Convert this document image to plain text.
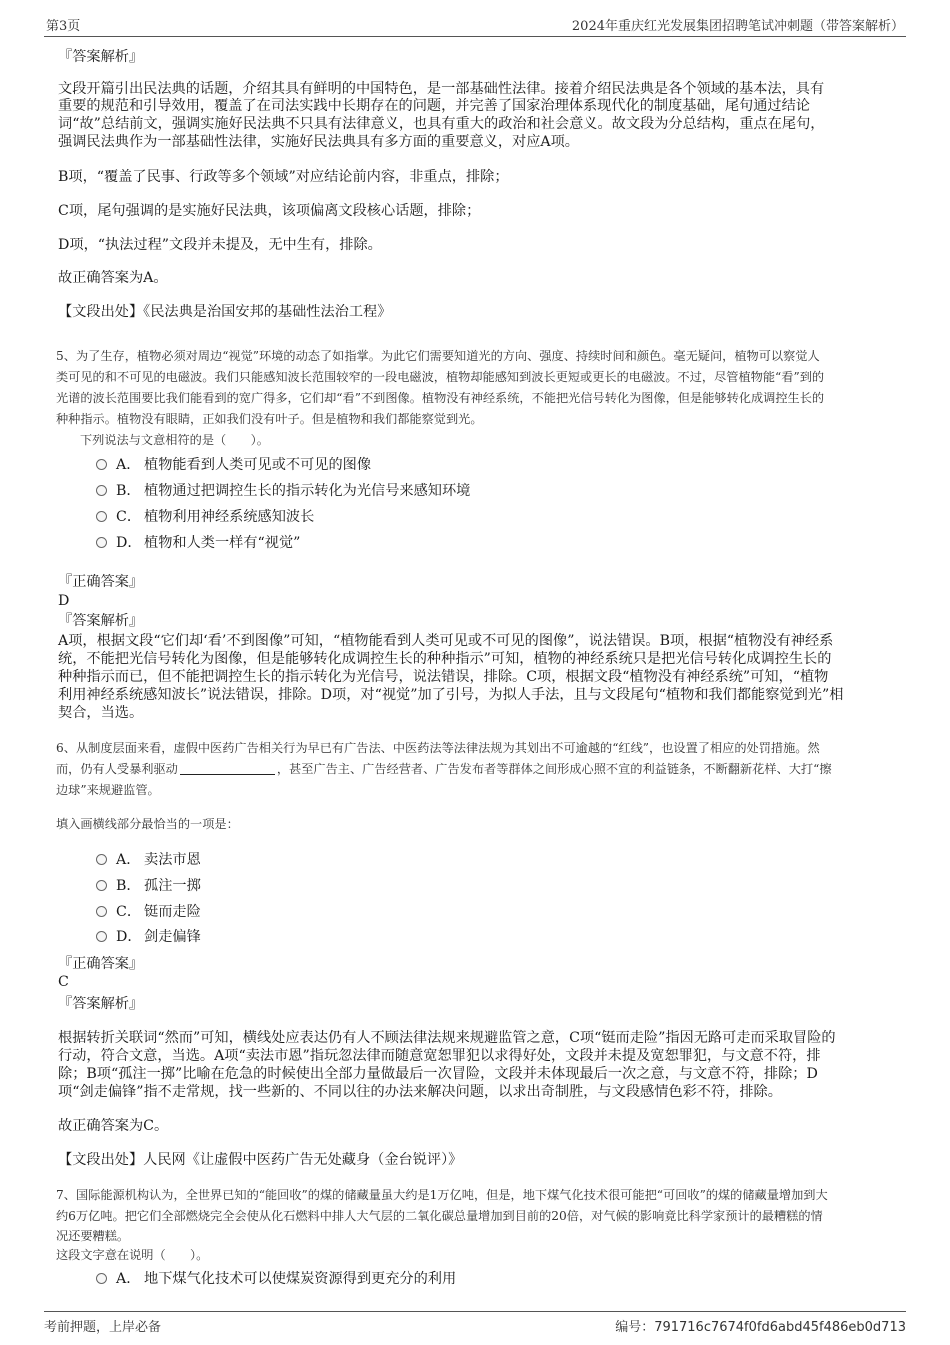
第3页	2024年重庆红光发展集团招聘笔试冲刺题（带答案解析）

『答案解析』

文段开篇引出民法典的话题，介绍其具有鲜明的中国特色，是一部基础性法律。接着介绍民法典是各个领域的基本法，具有

重要的规范和引导效用，覆盖了在司法实践中长期存在的问题，并完善了国家治理体系现代化的制度基础，尾句通过结论

词“故”总结前文，强调实施好民法典不只具有法律意义，也具有重大的政治和社会意义。故文段为分总结构，重点在尾句，

强调民法典作为一部基础性法律，实施好民法典具有多方面的重要意义，对应A项。

B项，“覆盖了民事、行政等多个领域”对应结论前内容，非重点，排除；

C项，尾句强调的是实施好民法典，该项偏离文段核心话题，排除；

D项，“执法过程”文段并未提及，无中生有，排除。

故正确答案为A。

【文段出处】《民法典是治国安邦的基础性法治工程》

5、为了生存，植物必须对周边“视觉”环境的动态了如指掌。为此它们需要知道光的方向、强度、持续时间和颜色。毫无疑问，植物可以察觉人

类可见的和不可见的电磁波。我们只能感知波长范围较窄的一段电磁波，植物却能感知到波长更短或更长的电磁波。不过，尽管植物能“看”到的

光谱的波长范围要比我们能看到的宽广得多，它们却“看”不到图像。植物没有神经系统，不能把光信号转化为图像，但是能够转化成调控生长的

种种指示。植物没有眼睛，正如我们没有叶子。但是植物和我们都能察觉到光。

下列说法与文意相符的是（　　）。

A． 植物能看到人类可见或不可见的图像
B． 植物通过把调控生长的指示转化为光信号来感知环境
C． 植物利用神经系统感知波长
D． 植物和人类一样有“视觉”

『正确答案』

D

『答案解析』

A项，根据文段“它们却‘看’不到图像”可知，“植物能看到人类可见或不可见的图像”，说法错误。B项，根据“植物没有神经系

统，不能把光信号转化为图像，但是能够转化成调控生长的种种指示”可知，植物的神经系统只是把光信号转化成调控生长的

种种指示而已，但不能把调控生长的指示转化为光信号，说法错误，排除。C项，根据文段“植物没有神经系统”可知，“植物

利用神经系统感知波长”说法错误，排除。D项，对“视觉”加了引号，为拟人手法，且与文段尾句“植物和我们都能察觉到光”相

契合，当选。

6、从制度层面来看，虚假中医药广告相关行为早已有广告法、中医药法等法律法规为其划出不可逾越的“红线”，也设置了相应的处罚措施。然

而，仍有人受暴利驱动	，甚至广告主、广告经营者、广告发布者等群体之间形成心照不宣的利益链条，不断翻新花样、大打“擦

边球”来规避监管。

填入画横线部分最恰当的一项是：

A． 卖法市恩
B． 孤注一掷
C． 铤而走险
D． 剑走偏锋

『正确答案』

C

『答案解析』

根据转折关联词“然而”可知，横线处应表达仍有人不顾法律法规来规避监管之意，C项“铤而走险”指因无路可走而采取冒险的

行动，符合文意，当选。A项“卖法市恩”指玩忽法律而随意宽恕罪犯以求得好处，文段并未提及宽恕罪犯，与文意不符，排

除；B项“孤注一掷”比喻在危急的时候使出全部力量做最后一次冒险，文段并未体现最后一次之意，与文意不符，排除；D

项“剑走偏锋”指不走常规，找一些新的、不同以往的办法来解决问题，以求出奇制胜，与文段感情色彩不符，排除。

故正确答案为C。

【文段出处】人民网《让虚假中医药广告无处藏身（金台锐评）》

7、国际能源机构认为，全世界已知的“能回收”的煤的储藏量虽大约是1万亿吨，但是，地下煤气化技术很可能把“可回收”的煤的储藏量增加到大

约6万亿吨。把它们全部燃烧完全会使从化石燃料中排人大气层的二氧化碳总量增加到目前的20倍，对气候的影响竟比科学家预计的最糟糕的情

况还要糟糕。

这段文字意在说明（　　）。

A． 地下煤气化技术可以使煤炭资源得到更充分的利用
考前押题，上岸必备	编号：791716c7674f0fd6abd45f486eb0d713
